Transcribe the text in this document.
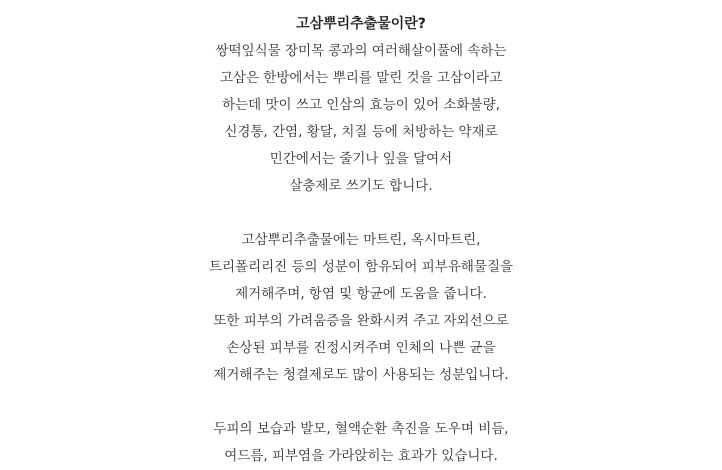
고삼뿌리추출물이란?

쌍떡잎식물 장미목 콩과의 여러해살이풀에 속하는
고삼은 한방에서는 뿌리를 말린 것을 고삼이라고
하는데 맛이 쓰고 인삼의 효능이 있어 소화불량,
신경통, 간염, 황달, 치질 등에 처방하는 약재로
민간에서는 줄기나 잎을 달여서
살충제로 쓰기도 합니다.

고삼뿌리추출물에는 마트린, 옥시마트린,
트리폴리리진 등의 성분이 함유되어 피부유해물질을
제거해주며, 항염 및 항균에 도움을 줍니다.
또한 피부의 가려움증을 완화시켜 주고 자외선으로
손상된 피부를 진정시켜주며 인체의 나쁜 균을
제거해주는 청결제로도 많이 사용되는 성분입니다.

두피의 보습과 발모, 혈액순환 촉진을 도우며 비듬,
여드름, 피부염을 가라앉히는 효과가 있습니다.
